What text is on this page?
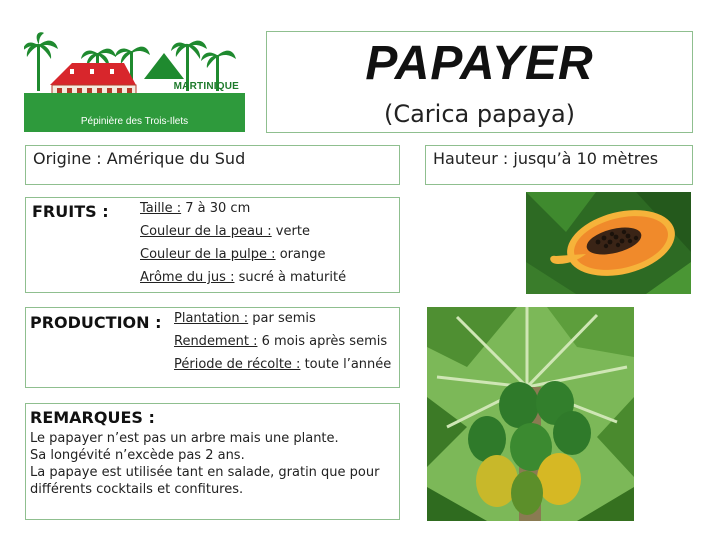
MARTINIQUE
Pépinière des Trois-Ilets
PAPAYER
(Carica papaya)
Origine : Amérique du Sud	Hauteur : jusqu’à 10 mètres
FRUITS : Taille : 7 à 30 cm
Couleur de la peau : verte
Couleur de la pulpe : orange
Arôme du jus : sucré à maturité
PRODUCTION : Plantation : par semis
Rendement : 6 mois après semis
Période de récolte : toute l’année
REMARQUES :
Le papayer n’est pas un arbre mais une plante.
Sa longévité n’excède pas 2 ans.
La papaye est utilisée tant en salade, gratin que pour
différents cocktails et confitures.
